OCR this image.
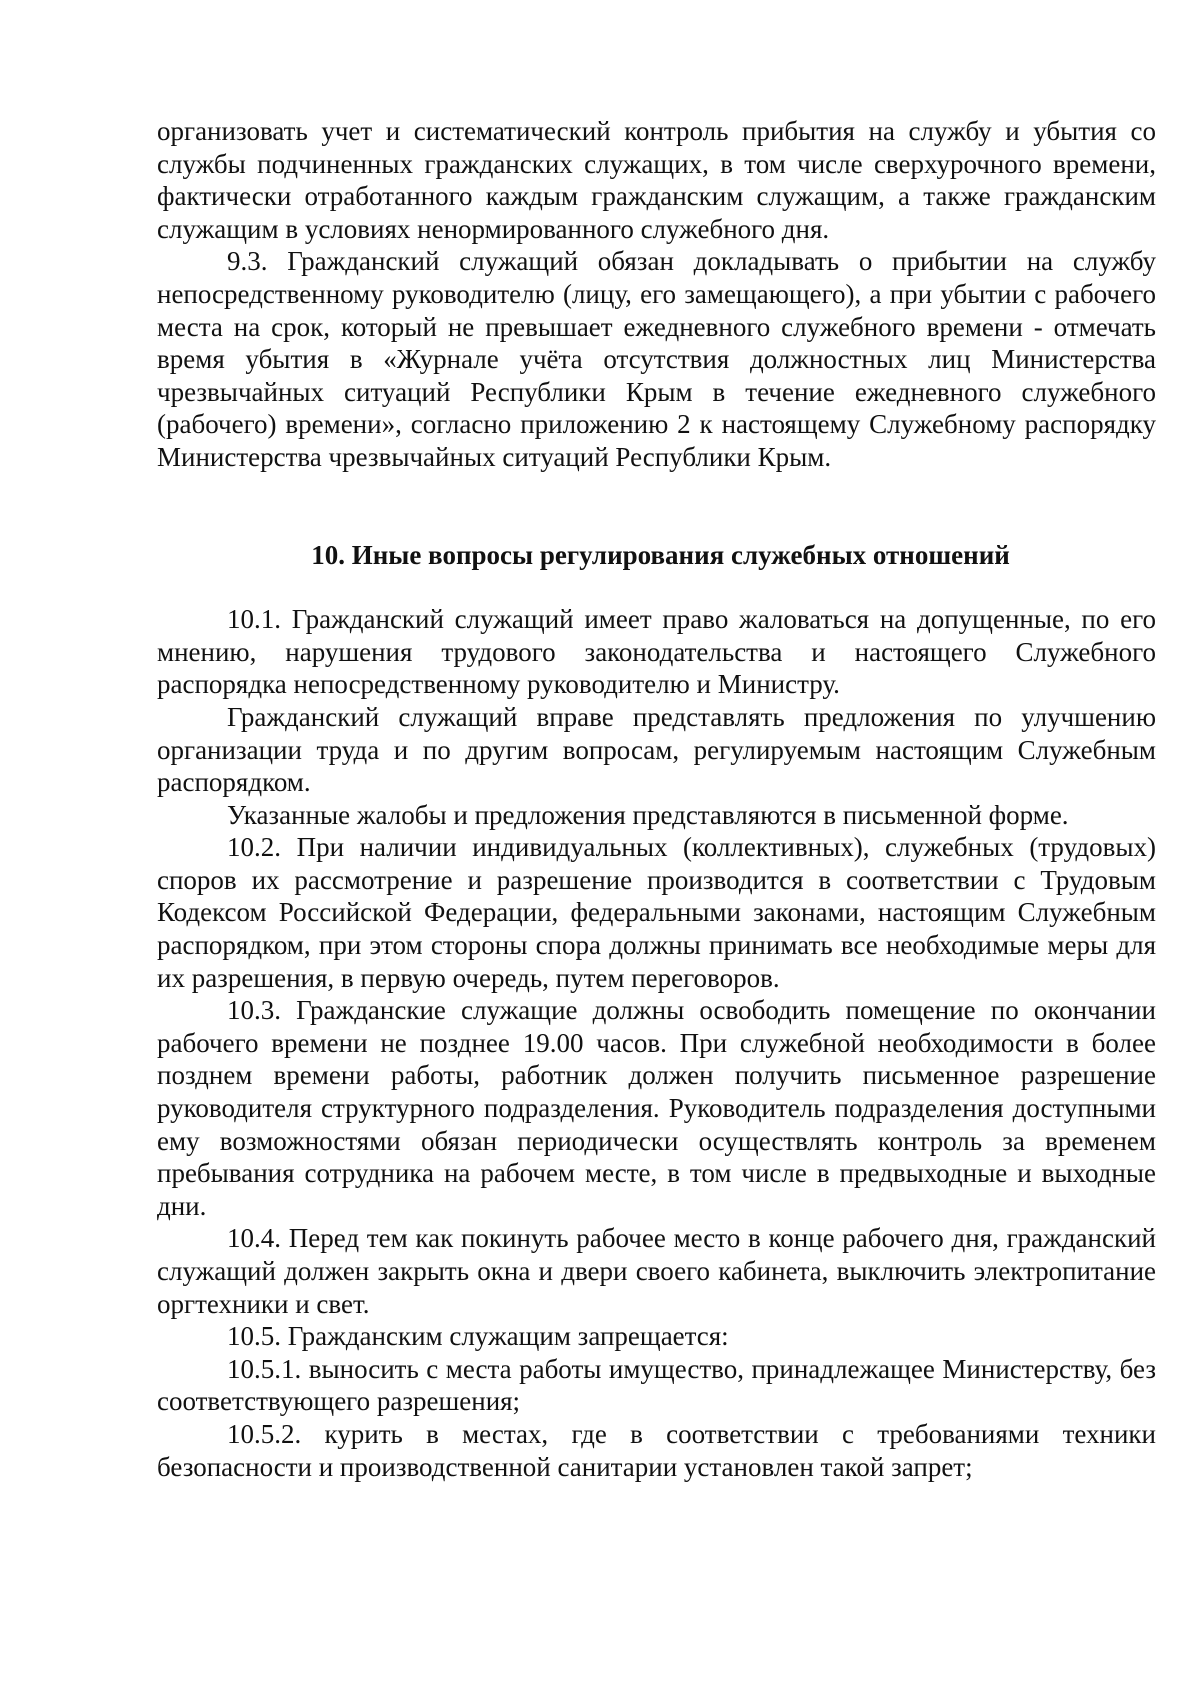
организовать учет и систематический контроль прибытия на службу и убытия со службы подчиненных гражданских служащих, в том числе сверхурочного времени, фактически отработанного каждым гражданским служащим, а также гражданским служащим в условиях ненормированного служебного дня.

9.3. Гражданский служащий обязан докладывать о прибытии на службу непосредственному руководителю (лицу, его замещающего), а при убытии с рабочего места на срок, который не превышает ежедневного служебного времени - отмечать время убытия в «Журнале учёта отсутствия должностных лиц Министерства чрезвычайных ситуаций Республики Крым в течение ежедневного служебного (рабочего) времени», согласно приложению 2 к настоящему Служебному распорядку Министерства чрезвычайных ситуаций Республики Крым.

10. Иные вопросы регулирования служебных отношений

10.1. Гражданский служащий имеет право жаловаться на допущенные, по его мнению, нарушения трудового законодательства и настоящего Служебного распорядка непосредственному руководителю и Министру.

Гражданский служащий вправе представлять предложения по улучшению организации труда и по другим вопросам, регулируемым настоящим Служебным распорядком.

Указанные жалобы и предложения представляются в письменной форме.

10.2. При наличии индивидуальных (коллективных), служебных (трудовых) споров их рассмотрение и разрешение производится в соответствии с Трудовым Кодексом Российской Федерации, федеральными законами, настоящим Служебным распорядком, при этом стороны спора должны принимать все необходимые меры для их разрешения, в первую очередь, путем переговоров.

10.3. Гражданские служащие должны освободить помещение по окончании рабочего времени не позднее 19.00 часов. При служебной необходимости в более позднем времени работы, работник должен получить письменное разрешение руководителя структурного подразделения. Руководитель подразделения доступными ему возможностями обязан периодически осуществлять контроль за временем пребывания сотрудника на рабочем месте, в том числе в предвыходные и выходные дни.

10.4. Перед тем как покинуть рабочее место в конце рабочего дня, гражданский служащий должен закрыть окна и двери своего кабинета, выключить электропитание оргтехники и свет.

10.5. Гражданским служащим запрещается:

10.5.1. выносить с места работы имущество, принадлежащее Министерству, без соответствующего разрешения;

10.5.2. курить в местах, где в соответствии с требованиями техники безопасности и производственной санитарии установлен такой запрет;
